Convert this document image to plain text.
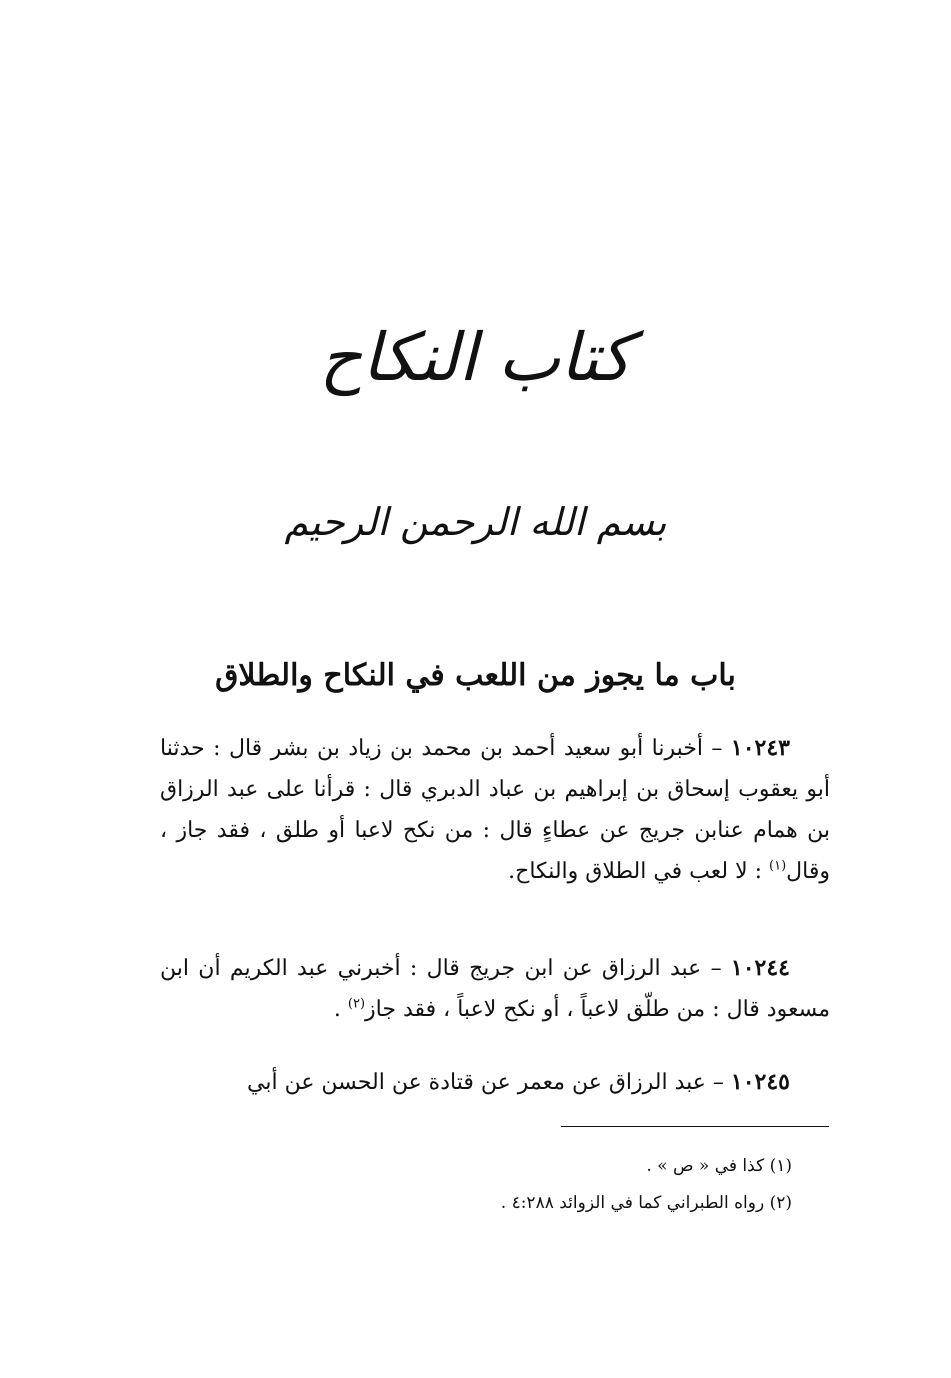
كتاب النكاح
بسم الله الرحمن الرحيم
باب ما يجوز من اللعب في النكاح والطلاق

١٠٢٤٣ – أخبرنا أبو سعيد أحمد بن محمد بن زياد بن بشر قال : حدثنا أبو يعقوب إسحاق بن إبراهيم بن عباد الدبري قال : قرأنا على عبد الرزاق بن همام عنابن جريج عن عطاءٍ قال : من نكح لاعبا أو طلق ، فقد جاز ، وقال$^{(١)}$ : لا لعب في الطلاق والنكاح.

١٠٢٤٤ – عبد الرزاق عن ابن جريج قال : أخبرني عبد الكريم أن ابن مسعود قال : من طلّق لاعباً ، أو نكح لاعباً ، فقد جاز$^{(٢)}$ .

١٠٢٤٥ – عبد الرزاق عن معمر عن قتادة عن الحسن عن أبي

(١) كذا في « ص » .
(٢) رواه الطبراني كما في الزوائد ٤:٢٨٨ .
